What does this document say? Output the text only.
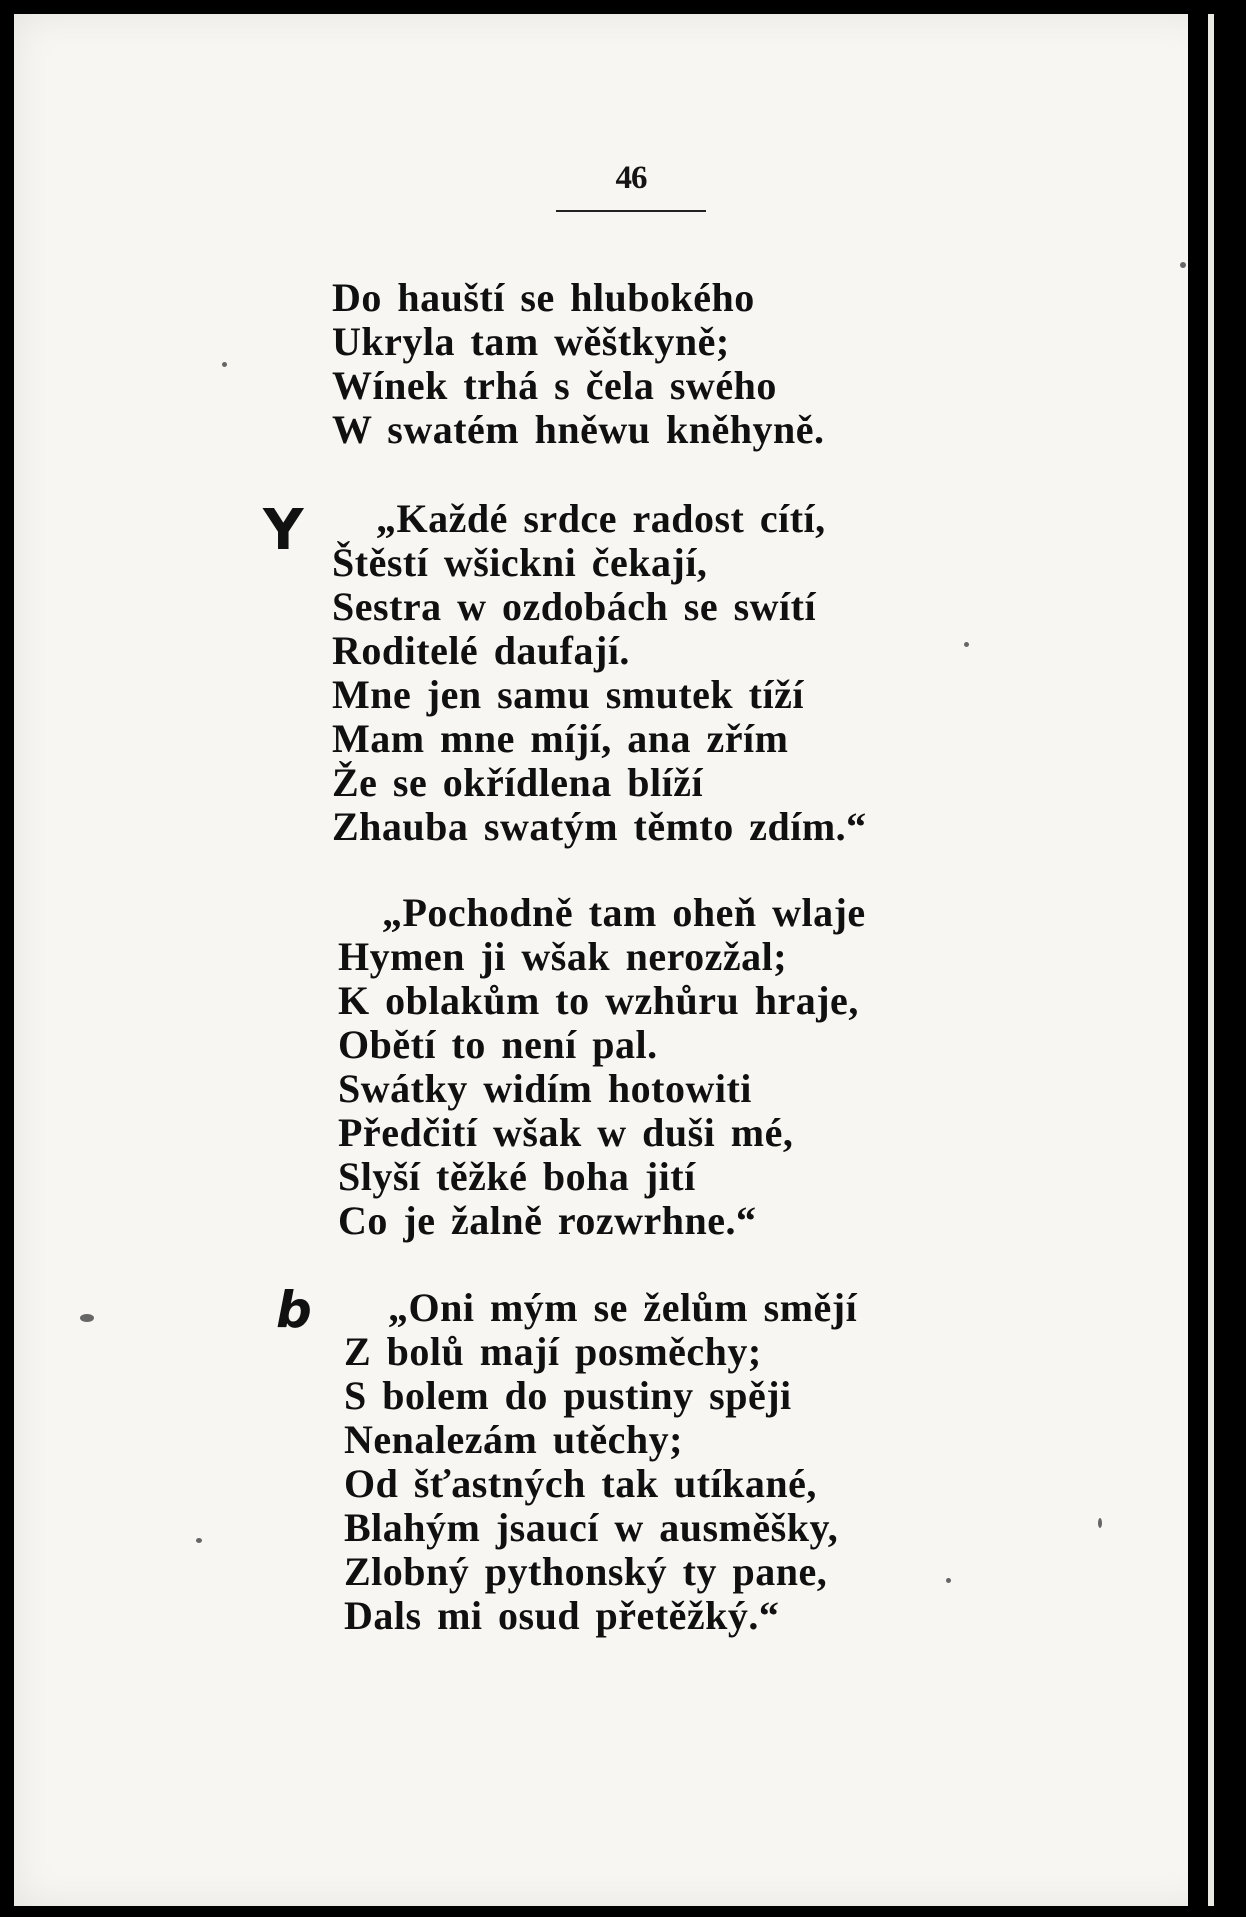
46
Y
b
Do hauští se hlubokého
Ukryla tam wěštkyně;
Wínek trhá s čela swého
W swatém hněwu kněhyně.
„Každé srdce radost cítí,
Štěstí wšickni čekají,
Sestra w ozdobách se swítí
Roditelé daufají.
Mne jen samu smutek tíží
Mam mne míjí, ana zřím
Že se okřídlena blíží
Zhauba swatým těmto zdím.“
„Pochodně tam oheň wlaje
Hymen ji wšak nerozžal;
K oblakům to wzhůru hraje,
Obětí to není pal.
Swátky widím hotowiti
Předčití wšak w duši mé,
Slyší těžké boha jití
Co je žalně rozwrhne.“
„Oni mým se želům smějí
Z bolů mají posměchy;
S bolem do pustiny spěji
Nenalezám utěchy;
Od šťastných tak utíkané,
Blahým jsaucí w ausměšky,
Zlobný pythonský ty pane,
Dals mi osud přetěžký.“
